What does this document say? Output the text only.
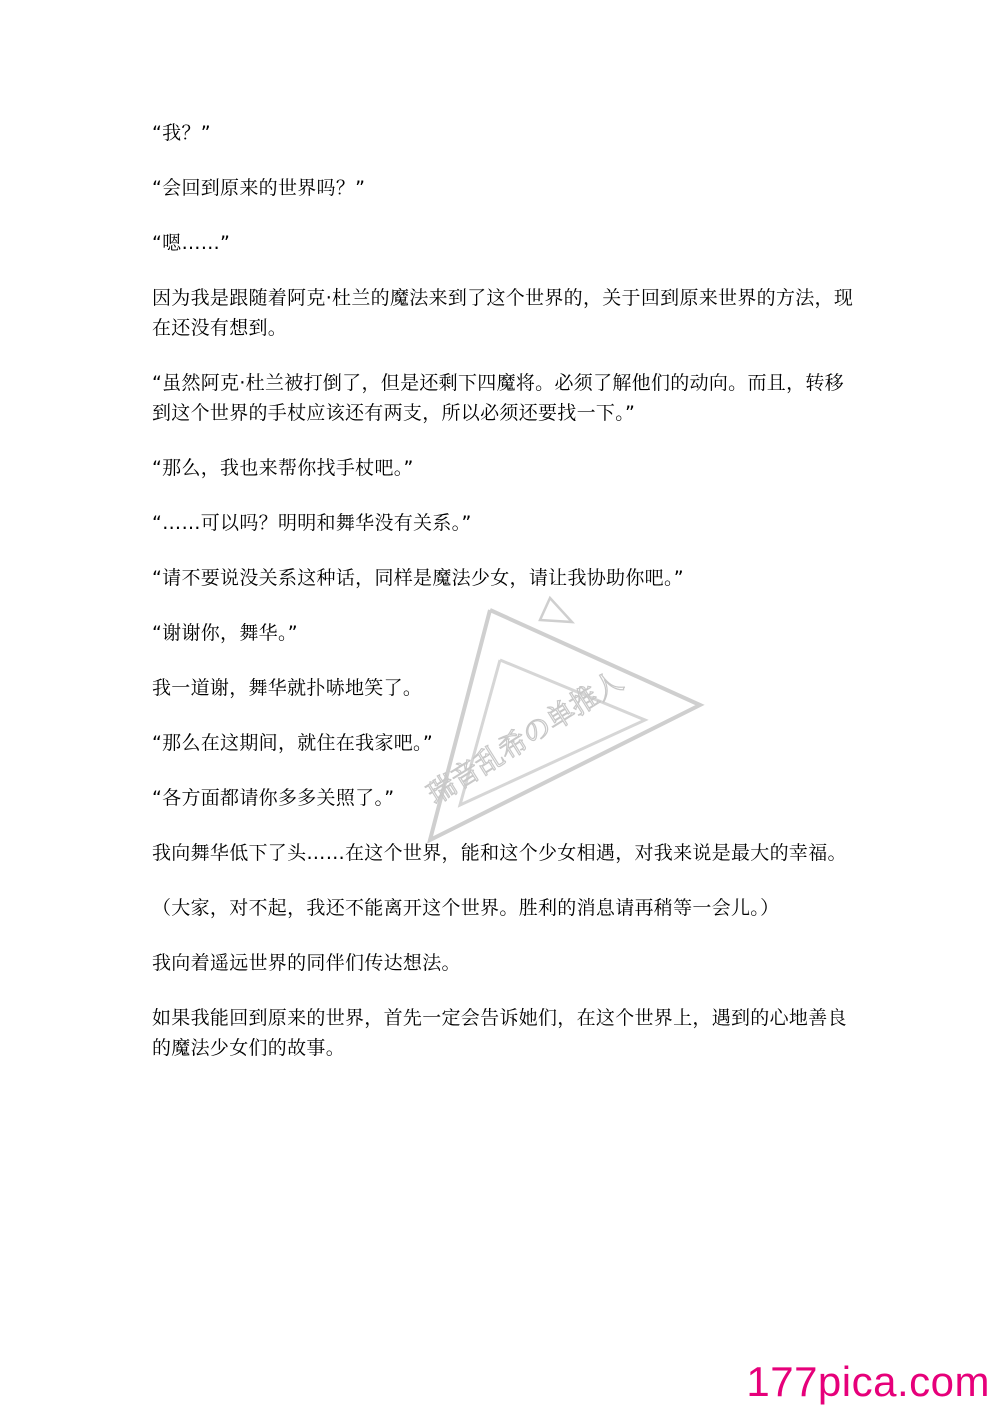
“我？”

“会回到原来的世界吗？”

“嗯……”

因为我是跟随着阿克·杜兰的魔法来到了这个世界的，关于回到原来世界的方法，现在还没有想到。

“虽然阿克·杜兰被打倒了，但是还剩下四魔将。必须了解他们的动向。而且，转移到这个世界的手杖应该还有两支，所以必须还要找一下。”

“那么，我也来帮你找手杖吧。”

“……可以吗？明明和舞华没有关系。”

“请不要说没关系这种话，同样是魔法少女，请让我协助你吧。”

“谢谢你，舞华。”

我一道谢，舞华就扑哧地笑了。

“那么在这期间，就住在我家吧。”

“各方面都请你多多关照了。”

我向舞华低下了头……在这个世界，能和这个少女相遇，对我来说是最大的幸福。

（大家，对不起，我还不能离开这个世界。胜利的消息请再稍等一会儿。）

我向着遥远世界的同伴们传达想法。

如果我能回到原来的世界，首先一定会告诉她们，在这个世界上，遇到的心地善良的魔法少女们的故事。

瑞音乱希の单推人
177pica.com
